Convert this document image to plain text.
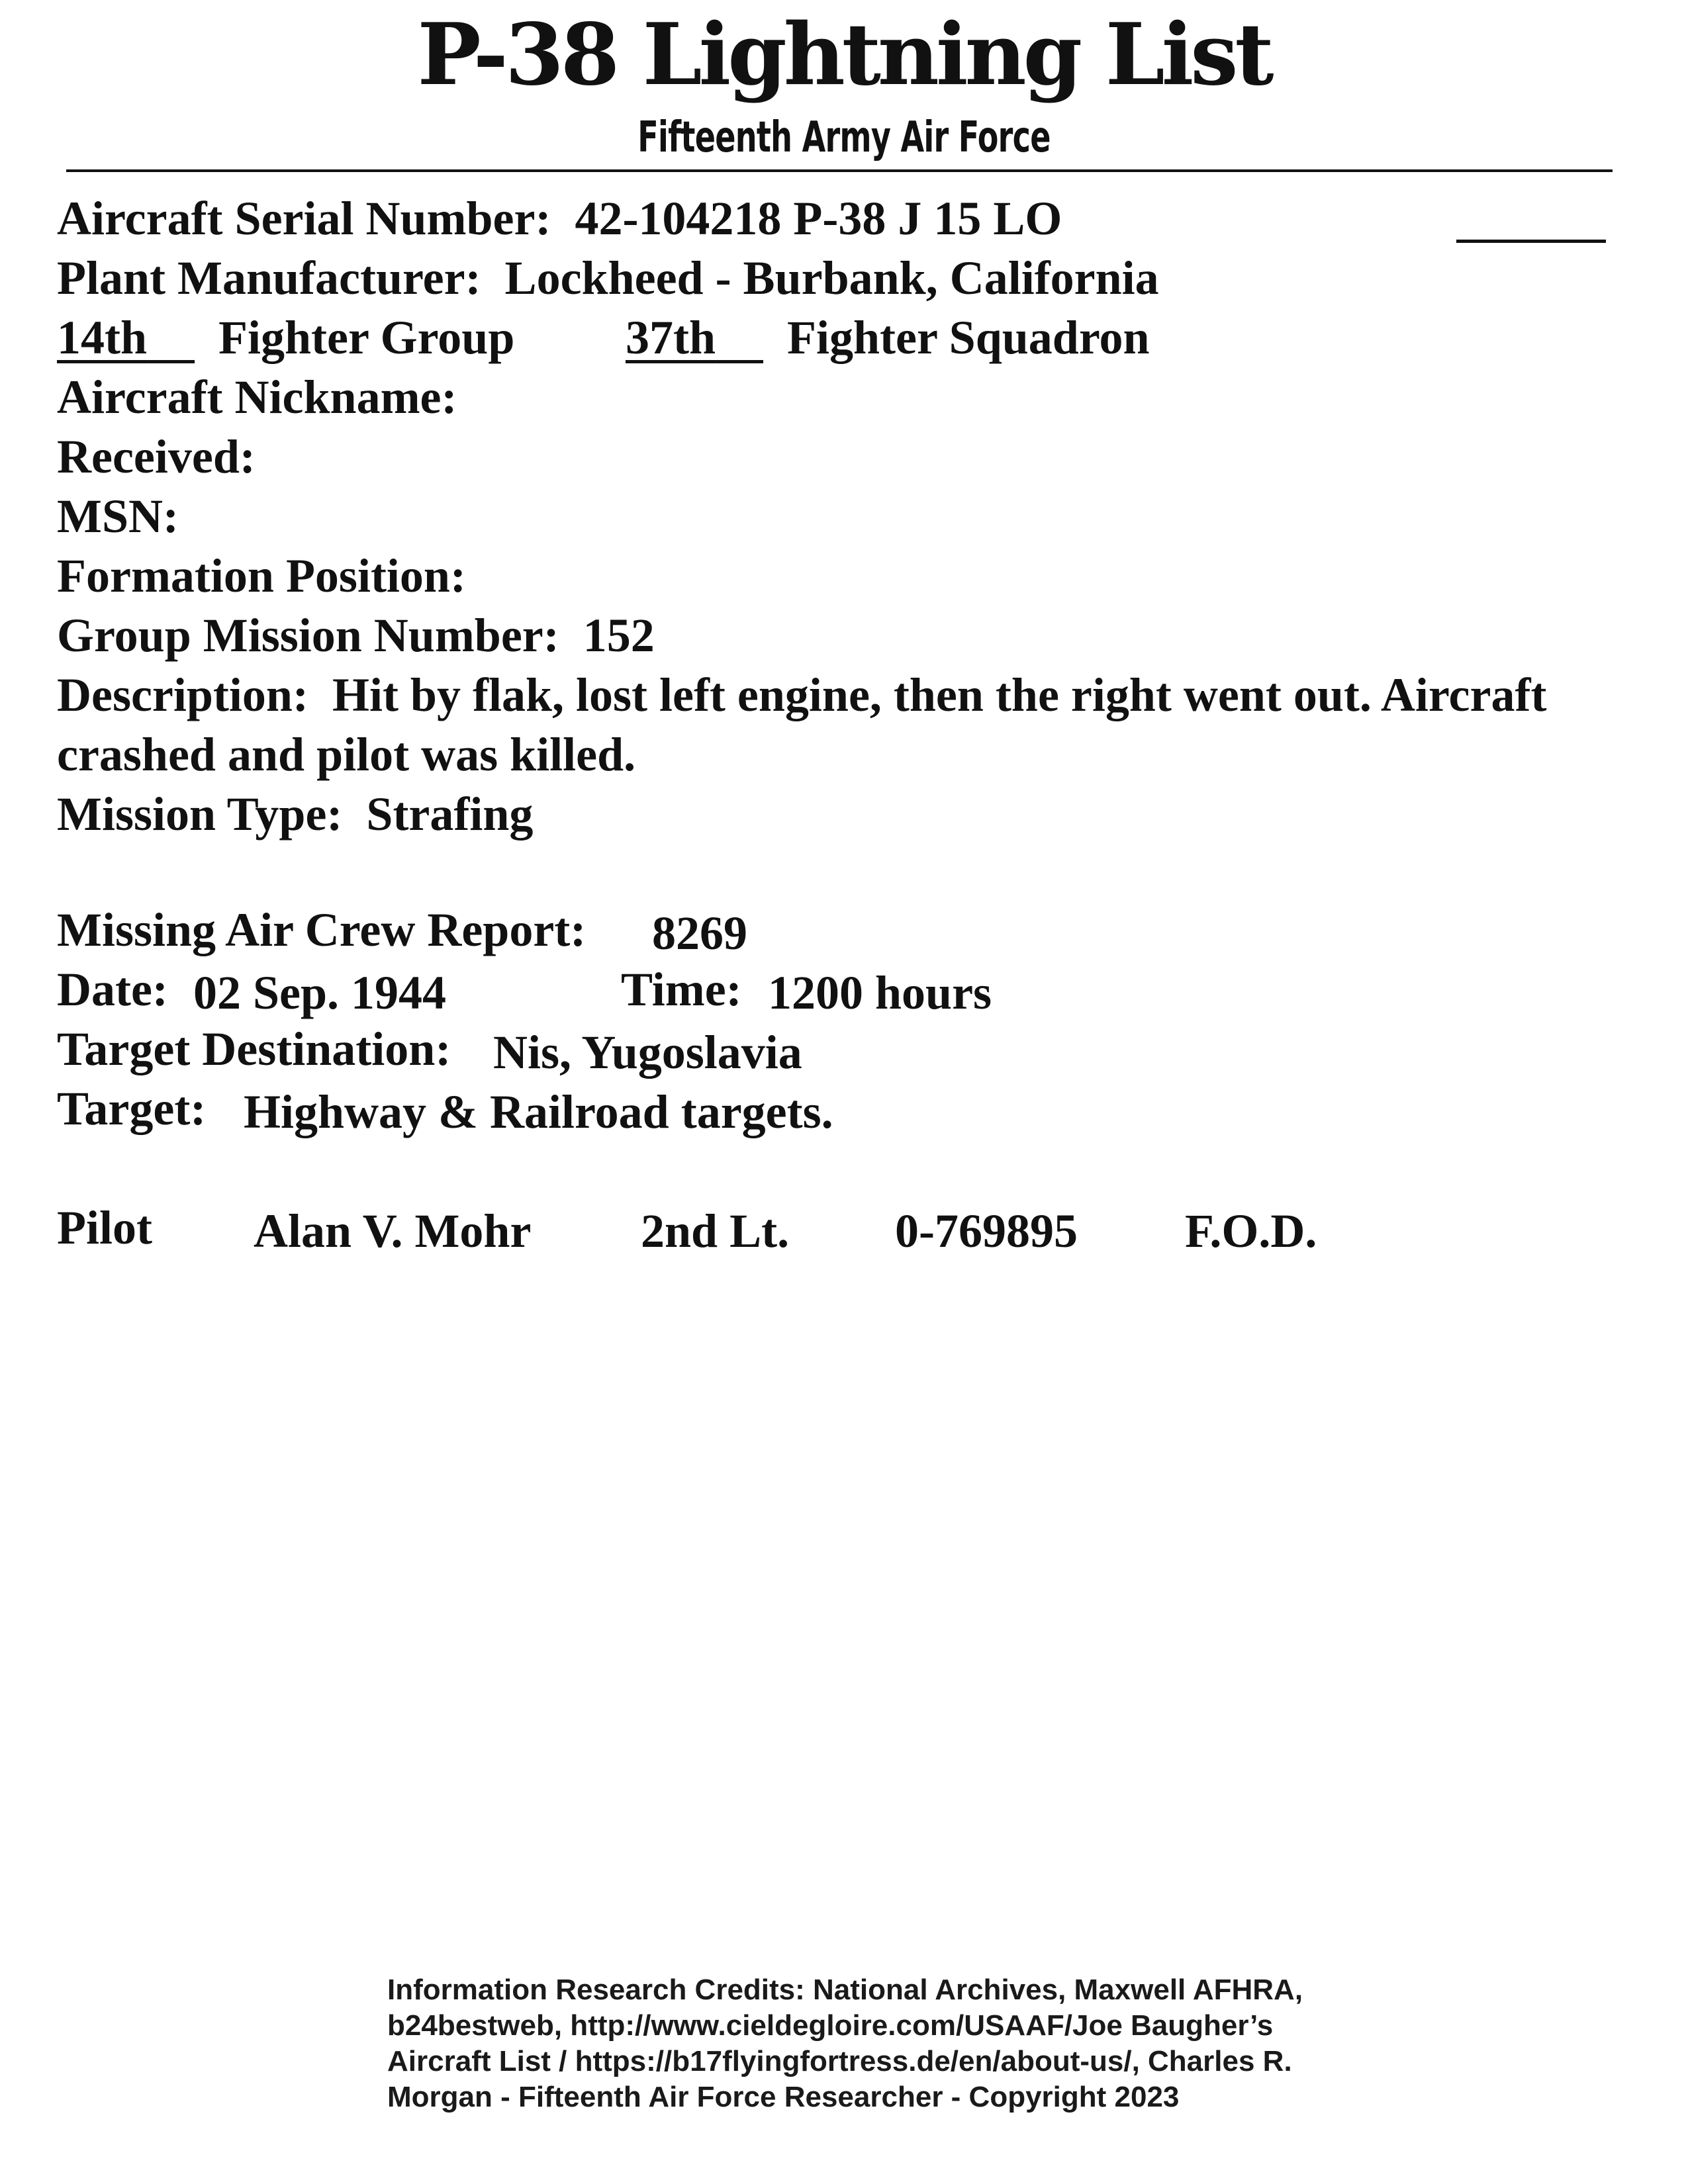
P-38 Lightning List
Fifteenth Army Air Force
Aircraft Serial Number: 42-104218 P-38 J 15 LO
Plant Manufacturer: Lockheed - Burbank, California
14th Fighter Group 37th Fighter Squadron
Aircraft Nickname:
Received:
MSN:
Formation Position:
Group Mission Number: 152
Description: Hit by flak, lost left engine, then the right went out. Aircraft
crashed and pilot was killed.
Mission Type: Strafing
Missing Air Crew Report: 8269
Date: 02 Sep. 1944	Time: 1200 hours
Target Destination: Nis, Yugoslavia
Target: Highway & Railroad targets.
Pilot Alan V. Mohr 2nd Lt. 0-769895 F.O.D.
Information Research Credits: National Archives, Maxwell AFHRA,
b24bestweb, http://www.cieldegloire.com/USAAF/Joe Baugher’s
Aircraft List / https://b17flyingfortress.de/en/about-us/, Charles R.
Morgan - Fifteenth Air Force Researcher - Copyright 2023
